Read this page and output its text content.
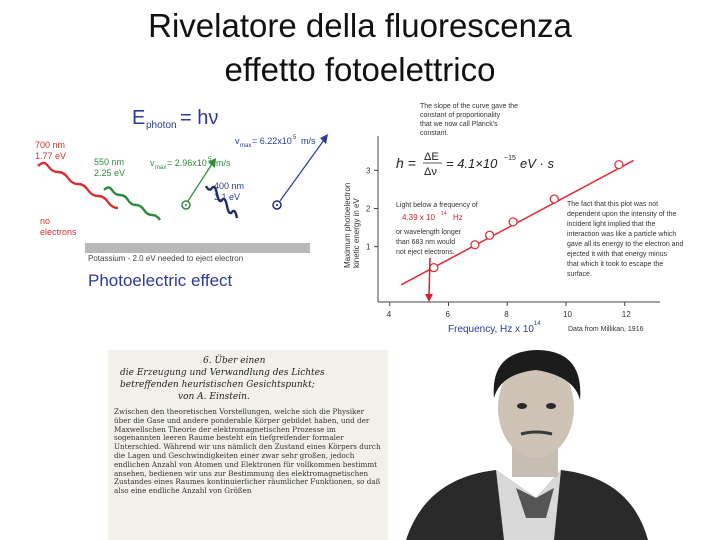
Rivelatore della fluorescenza
effetto fotoelettrico
E photon = hν
700 nm
1.77 eV
no
electrons
550 nm
2.25 eV
v max = 2.96x10 5 m/s
400 nm
3.1 eV
v max = 6.22x10 5 m/s
Potassium - 2.0 eV needed to eject electron
Photoelectric effect
Maximum photoelectron kinetic energy in eV
4	6	8	10	12
1
2
3
The slope of the curve gave the
constant of proportionality
that we now call Planck's
constant.
h = ΔE
Δν
= 4.1×10 −15 eV · s
Light below a frequency of
4.39 x 10 14 Hz
or wavelength longer
than 683 nm would
not eject electrons.
The fact that this plot was not
dependent upon the intensity of the
incident light implied that the
interaction was like a particle which
gave all its energy to the electron and
ejected it with that energy minus
that which it took to escape the
surface.
Frequency, Hz x 10 14
Data from Millikan, 1916
6. Über einen
die Erzeugung und Verwandlung des Lichtes
betreffenden heuristischen Gesichtspunkt;
von A. Einstein.
Zwischen den theoretischen Vorstellungen, welche sich die Physiker über die Gase und andere ponderable Körper gebildet haben, und der Maxwellschen Theorie der elektromagnetischen Prozesse im sogenannten leeren Raume besteht ein tiefgreifender formaler Unterschied. Während wir uns nämlich den Zustand eines Körpers durch die Lagen und Geschwindigkeiten einer zwar sehr großen, jedoch endlichen Anzahl von Atomen und Elektronen für vollkommen bestimmt ansehen, bedienen wir uns zur Bestimmung des elektromagnetischen Zustandes eines Raumes kontinuierlicher räumlicher Funktionen, so daß also eine endliche Anzahl von Größen
